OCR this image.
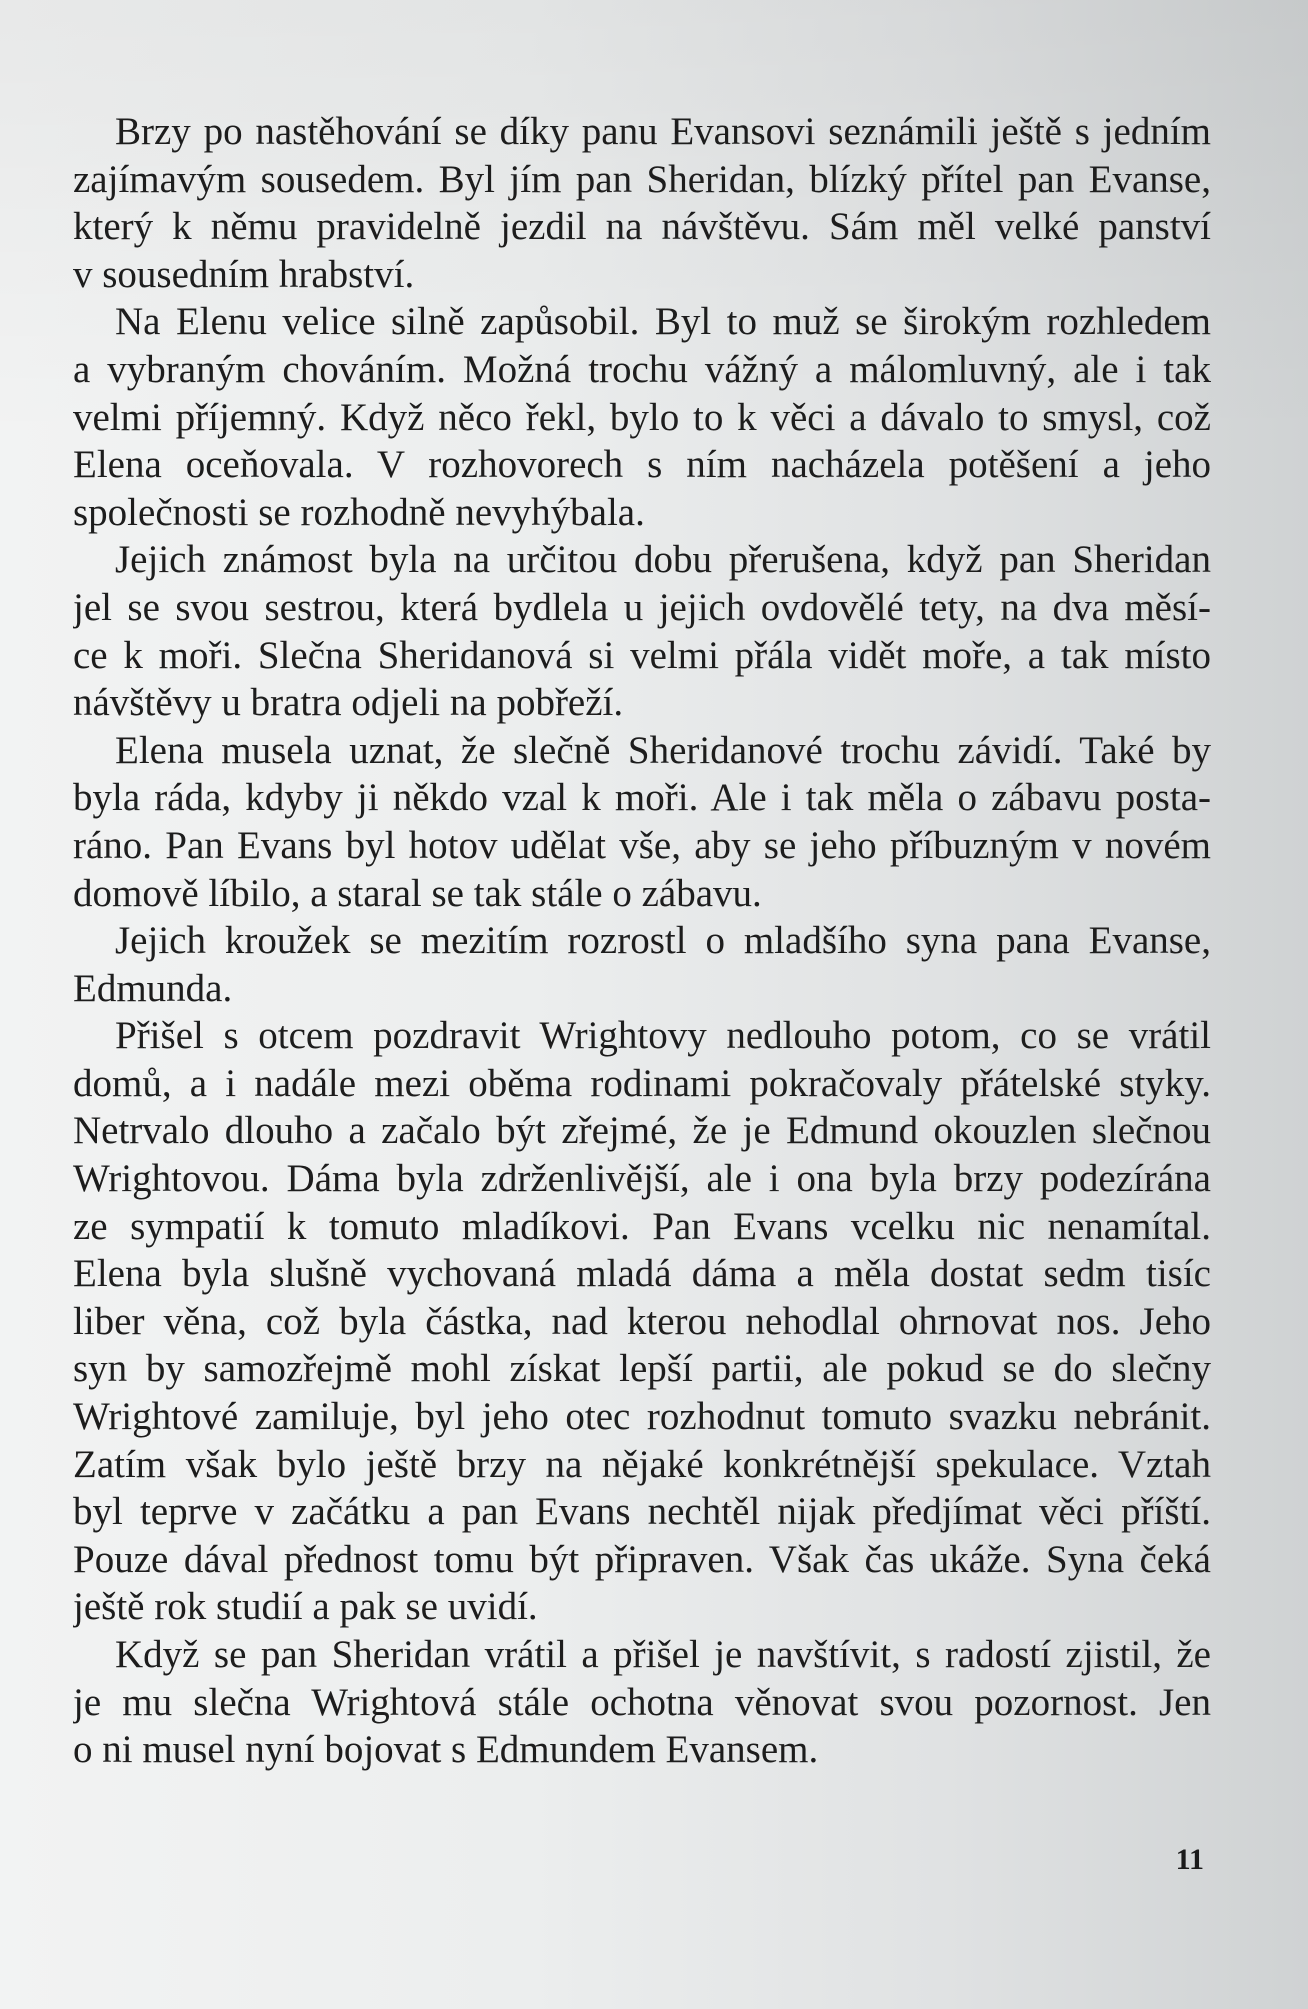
Brzy po nastěhování se díky panu Evansovi seznámili ještě s jedním
zajímavým sousedem. Byl jím pan Sheridan, blízký přítel pan Evanse,
který k němu pravidelně jezdil na návštěvu. Sám měl velké panství
v sousedním hrabství.
Na Elenu velice silně zapůsobil. Byl to muž se širokým rozhledem
a vybraným chováním. Možná trochu vážný a málomluvný, ale i tak
velmi příjemný. Když něco řekl, bylo to k věci a dávalo to smysl, což
Elena oceňovala. V rozhovorech s ním nacházela potěšení a jeho
společnosti se rozhodně nevyhýbala.
Jejich známost byla na určitou dobu přerušena, když pan Sheridan
jel se svou sestrou, která bydlela u jejich ovdovělé tety, na dva měsí-
ce k moři. Slečna Sheridanová si velmi přála vidět moře, a tak místo
návštěvy u bratra odjeli na pobřeží.
Elena musela uznat, že slečně Sheridanové trochu závidí. Také by
byla ráda, kdyby ji někdo vzal k moři. Ale i tak měla o zábavu posta-
ráno. Pan Evans byl hotov udělat vše, aby se jeho příbuzným v novém
domově líbilo, a staral se tak stále o zábavu.
Jejich kroužek se mezitím rozrostl o mladšího syna pana Evanse,
Edmunda.
Přišel s otcem pozdravit Wrightovy nedlouho potom, co se vrátil
domů, a i nadále mezi oběma rodinami pokračovaly přátelské styky.
Netrvalo dlouho a začalo být zřejmé, že je Edmund okouzlen slečnou
Wrightovou. Dáma byla zdrženlivější, ale i ona byla brzy podezírána
ze sympatií k tomuto mladíkovi. Pan Evans vcelku nic nenamítal.
Elena byla slušně vychovaná mladá dáma a měla dostat sedm tisíc
liber věna, což byla částka, nad kterou nehodlal ohrnovat nos. Jeho
syn by samozřejmě mohl získat lepší partii, ale pokud se do slečny
Wrightové zamiluje, byl jeho otec rozhodnut tomuto svazku nebránit.
Zatím však bylo ještě brzy na nějaké konkrétnější spekulace. Vztah
byl teprve v začátku a pan Evans nechtěl nijak předjímat věci příští.
Pouze dával přednost tomu být připraven. Však čas ukáže. Syna čeká
ještě rok studií a pak se uvidí.
Když se pan Sheridan vrátil a přišel je navštívit, s radostí zjistil, že
je mu slečna Wrightová stále ochotna věnovat svou pozornost. Jen
o ni musel nyní bojovat s Edmundem Evansem.
11
